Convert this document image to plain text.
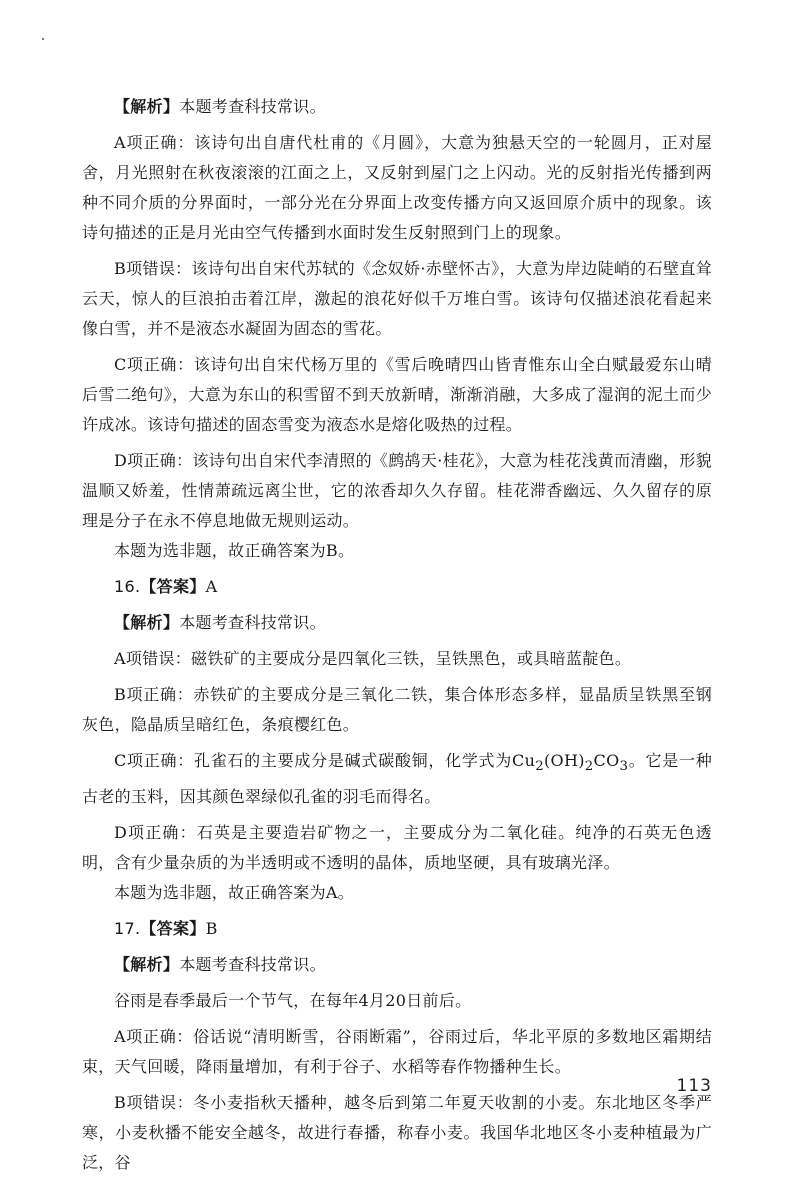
【解析】本题考查科技常识。

A项正确：该诗句出自唐代杜甫的《月圆》，大意为独悬天空的一轮圆月，正对屋舍，月光照射在秋夜滚滚的江面之上，又反射到屋门之上闪动。光的反射指光传播到两种不同介质的分界面时，一部分光在分界面上改变传播方向又返回原介质中的现象。该诗句描述的正是月光由空气传播到水面时发生反射照到门上的现象。

B项错误：该诗句出自宋代苏轼的《念奴娇·赤壁怀古》，大意为岸边陡峭的石壁直耸云天，惊人的巨浪拍击着江岸，激起的浪花好似千万堆白雪。该诗句仅描述浪花看起来像白雪，并不是液态水凝固为固态的雪花。

C项正确：该诗句出自宋代杨万里的《雪后晚晴四山皆青惟东山全白赋最爱东山晴后雪二绝句》，大意为东山的积雪留不到天放新晴，渐渐消融，大多成了湿润的泥土而少许成冰。该诗句描述的固态雪变为液态水是熔化吸热的过程。

D项正确：该诗句出自宋代李清照的《鹧鸪天·桂花》，大意为桂花浅黄而清幽，形貌温顺又娇羞，性情萧疏远离尘世，它的浓香却久久存留。桂花滞香幽远、久久留存的原理是分子在永不停息地做无规则运动。

本题为选非题，故正确答案为B。

16.【答案】A

【解析】本题考查科技常识。

A项错误：磁铁矿的主要成分是四氧化三铁，呈铁黑色，或具暗蓝靛色。

B项正确：赤铁矿的主要成分是三氧化二铁，集合体形态多样，显晶质呈铁黑至钢灰色，隐晶质呈暗红色，条痕樱红色。

C项正确：孔雀石的主要成分是碱式碳酸铜，化学式为$Cu_2(OH)_2CO_3$。它是一种古老的玉料，因其颜色翠绿似孔雀的羽毛而得名。

D项正确：石英是主要造岩矿物之一，主要成分为二氧化硅。纯净的石英无色透明，含有少量杂质的为半透明或不透明的晶体，质地坚硬，具有玻璃光泽。

本题为选非题，故正确答案为A。

17.【答案】B

【解析】本题考查科技常识。

谷雨是春季最后一个节气，在每年4月20日前后。

A项正确：俗话说“清明断雪，谷雨断霜”，谷雨过后，华北平原的多数地区霜期结束，天气回暖，降雨量增加，有利于谷子、水稻等春作物播种生长。

B项错误：冬小麦指秋天播种，越冬后到第二年夏天收割的小麦。东北地区冬季严寒，小麦秋播不能安全越冬，故进行春播，称春小麦。我国华北地区冬小麦种植最为广泛，谷

113
